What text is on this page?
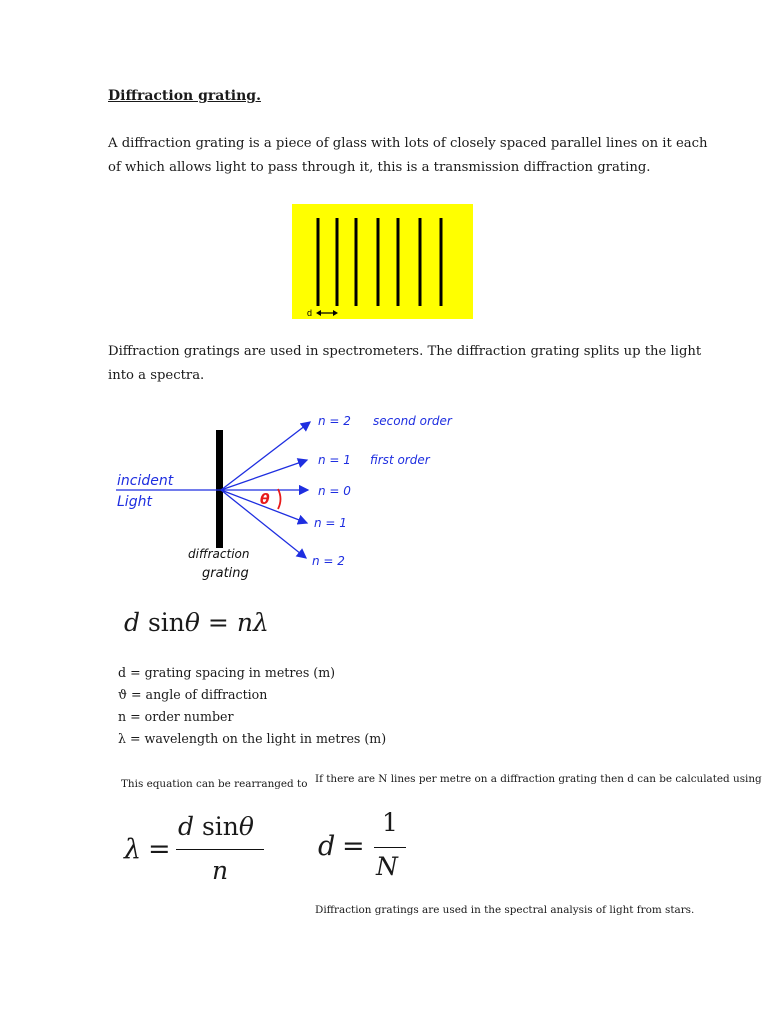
Diffraction grating.
A diffraction grating is a piece of glass with lots of closely spaced parallel lines on it each of which allows light to pass through it, this is a transmission diffraction grating.
d
Diffraction gratings are used in spectrometers. The diffraction grating splits up the light into a spectra.
θ
incident
Light
diffraction
grating
n = 2 second order
n = 1 first order
n = 0
n = 1
n = 2
d sinθ = nλ
d = grating spacing in metres (m)
ϑ = angle of diffraction
n = order number
λ = wavelength on the light in metres (m)
This equation can be rearranged to If there are N lines per metre on a diffraction grating then d can be calculated using
λ =
d sinθ
n
d =
1
N
Diffraction gratings are used in the spectral analysis of light from stars.
